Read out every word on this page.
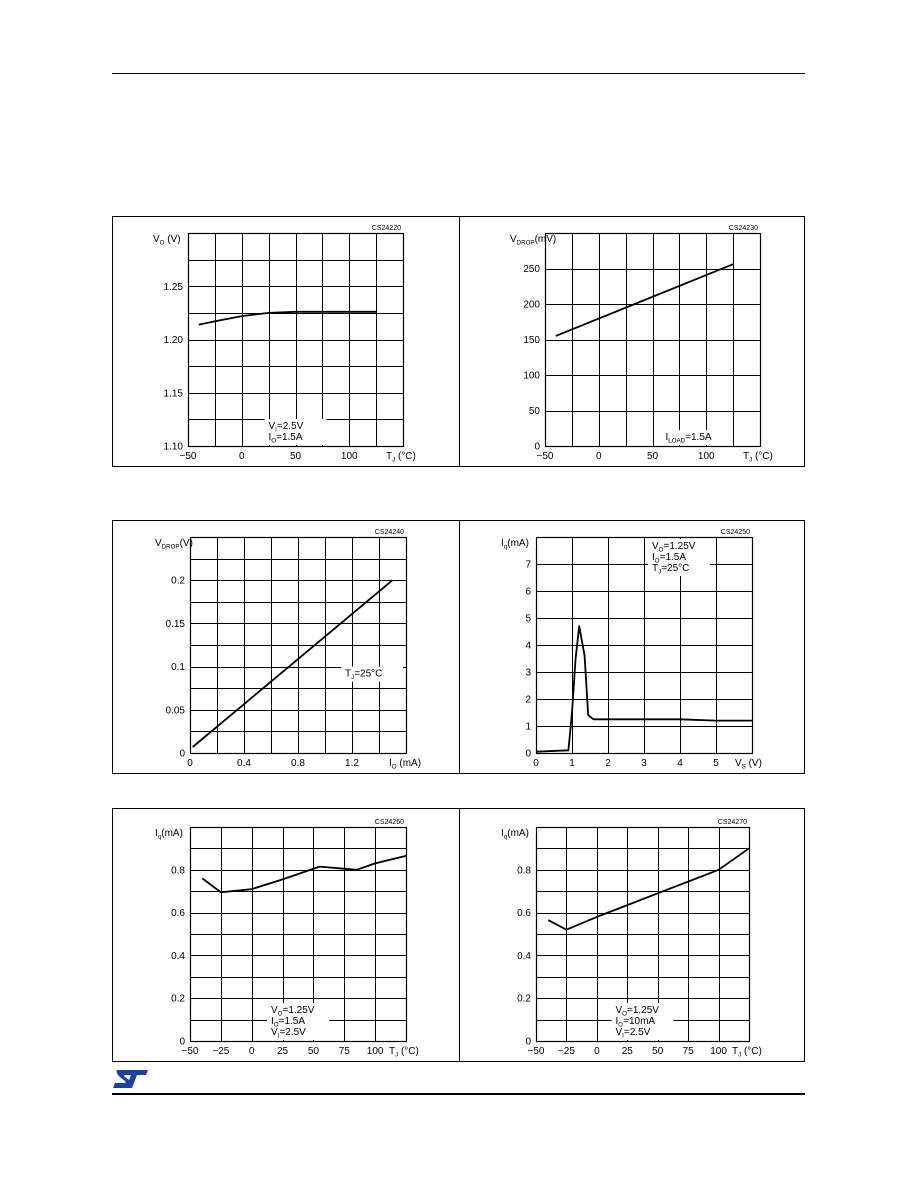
−50	0	50	100
1.10
1.15
1.20
1.25
$V_O$ (V)
$T_J$ (°C)
CS24220
$V_I=2.5V$
$I_O=1.5A$
−50	0	50	100
0
50
100
150
200
250
$V_{DROP}(mV)$
$T_J$ (°C)
CS24230
$I_{LOAD}=1.5A$
0	0.4	0.8	1.2
0
0.05
0.1
0.15
0.2
$V_{DROP}(V)$
$I_O$ (mA)
CS24240
$T_J=25^\circ C$
0	1	2	3	4	5
0
1
2
3
4
5
6
7
$I_q(mA)$
$V_S$ (V)
CS24250
$V_O=1.25V$
$I_O=1.5A$
$T_J=25^\circ C$
−50 −25 0 25 50 75 100
0
0.2
0.4
0.6
0.8
$I_q(mA)$
$T_J$ (°C)
CS24260
$V_O=1.25V$
$I_O=1.5A$
$V_I=2.5V$
−50 −25 0 25 50 75 100
0
0.2
0.4
0.6
0.8
$I_q(mA)$
$T_J$ (°C)
CS24270
$V_O=1.25V$
$I_O=10mA$
$V_I=2.5V$
